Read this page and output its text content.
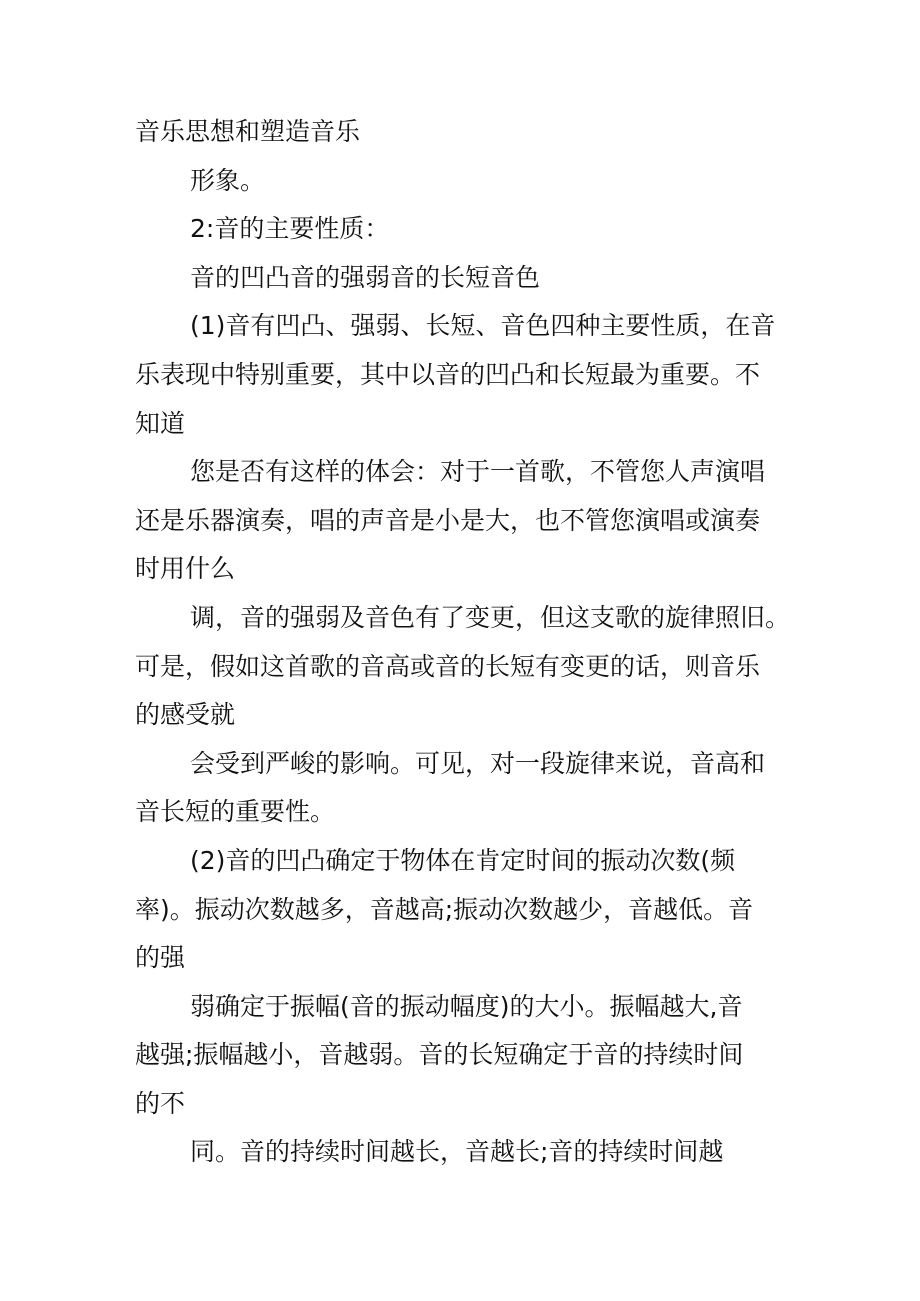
音乐思想和塑造音乐
形象。
2:音的主要性质：
音的凹凸音的强弱音的长短音色
(1)音有凹凸、强弱、长短、音色四种主要性质，在音
乐表现中特别重要，其中以音的凹凸和长短最为重要。不
知道
您是否有这样的体会：对于一首歌，不管您人声演唱
还是乐器演奏，唱的声音是小是大，也不管您演唱或演奏
时用什么
调，音的强弱及音色有了变更，但这支歌的旋律照旧。
可是，假如这首歌的音高或音的长短有变更的话，则音乐
的感受就
会受到严峻的影响。可见，对一段旋律来说，音高和
音长短的重要性。
(2)音的凹凸确定于物体在肯定时间的振动次数(频
率)。振动次数越多，音越高;振动次数越少，音越低。音
的强
弱确定于振幅(音的振动幅度)的大小。振幅越大,音
越强;振幅越小，音越弱。音的长短确定于音的持续时间
的不
同。音的持续时间越长，音越长;音的持续时间越
